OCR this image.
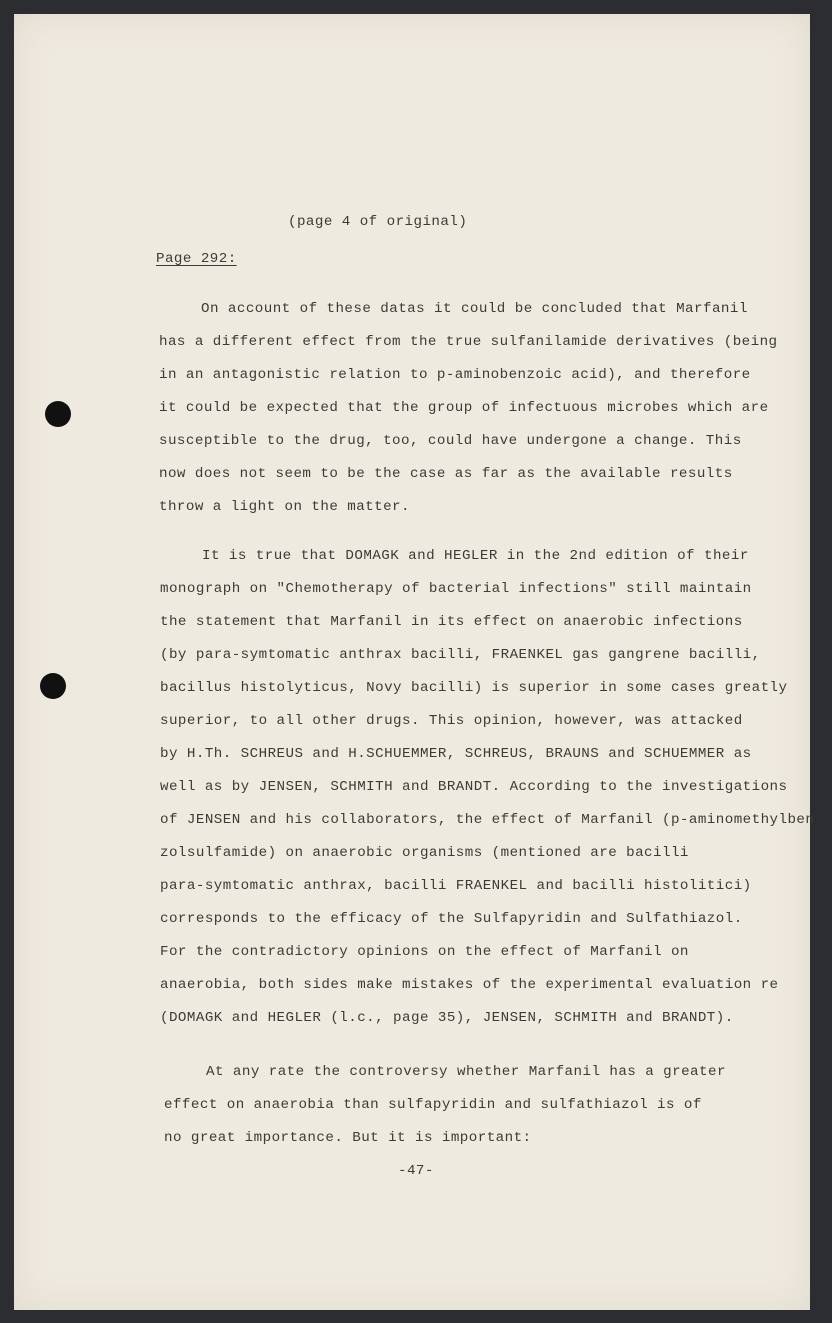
(page 4 of original)
Page 292:
On account of these datas it could be concluded that Marfanil
has a different effect from the true sulfanilamide derivatives (being
in an antagonistic relation to p-aminobenzoic acid), and therefore
it could be expected that the group of infectuous microbes which are
susceptible to the drug, too, could have undergone a change. This
now does not seem to be the case as far as the available results
throw a light on the matter.
It is true that DOMAGK and HEGLER in the 2nd edition of their
monograph on "Chemotherapy of bacterial infections" still maintain
the statement that Marfanil in its effect on anaerobic infections
(by para-symtomatic anthrax bacilli, FRAENKEL gas gangrene bacilli,
bacillus histolyticus, Novy bacilli) is superior in some cases greatly
superior, to all other drugs. This opinion, however, was attacked
by H.Th. SCHREUS and H.SCHUEMMER, SCHREUS, BRAUNS and SCHUEMMER as
well as by JENSEN, SCHMITH and BRANDT. According to the investigations
of JENSEN and his collaborators, the effect of Marfanil (p-aminomethylben
zolsulfamide) on anaerobic organisms (mentioned are bacilli
para-symtomatic anthrax, bacilli FRAENKEL and bacilli histolitici)
corresponds to the efficacy of the Sulfapyridin and Sulfathiazol.
For the contradictory opinions on the effect of Marfanil on
anaerobia, both sides make mistakes of the experimental evaluation re
(DOMAGK and HEGLER (l.c., page 35), JENSEN, SCHMITH and BRANDT).
At any rate the controversy whether Marfanil has a greater
effect on anaerobia than sulfapyridin and sulfathiazol is of
no great importance. But it is important:
-47-
